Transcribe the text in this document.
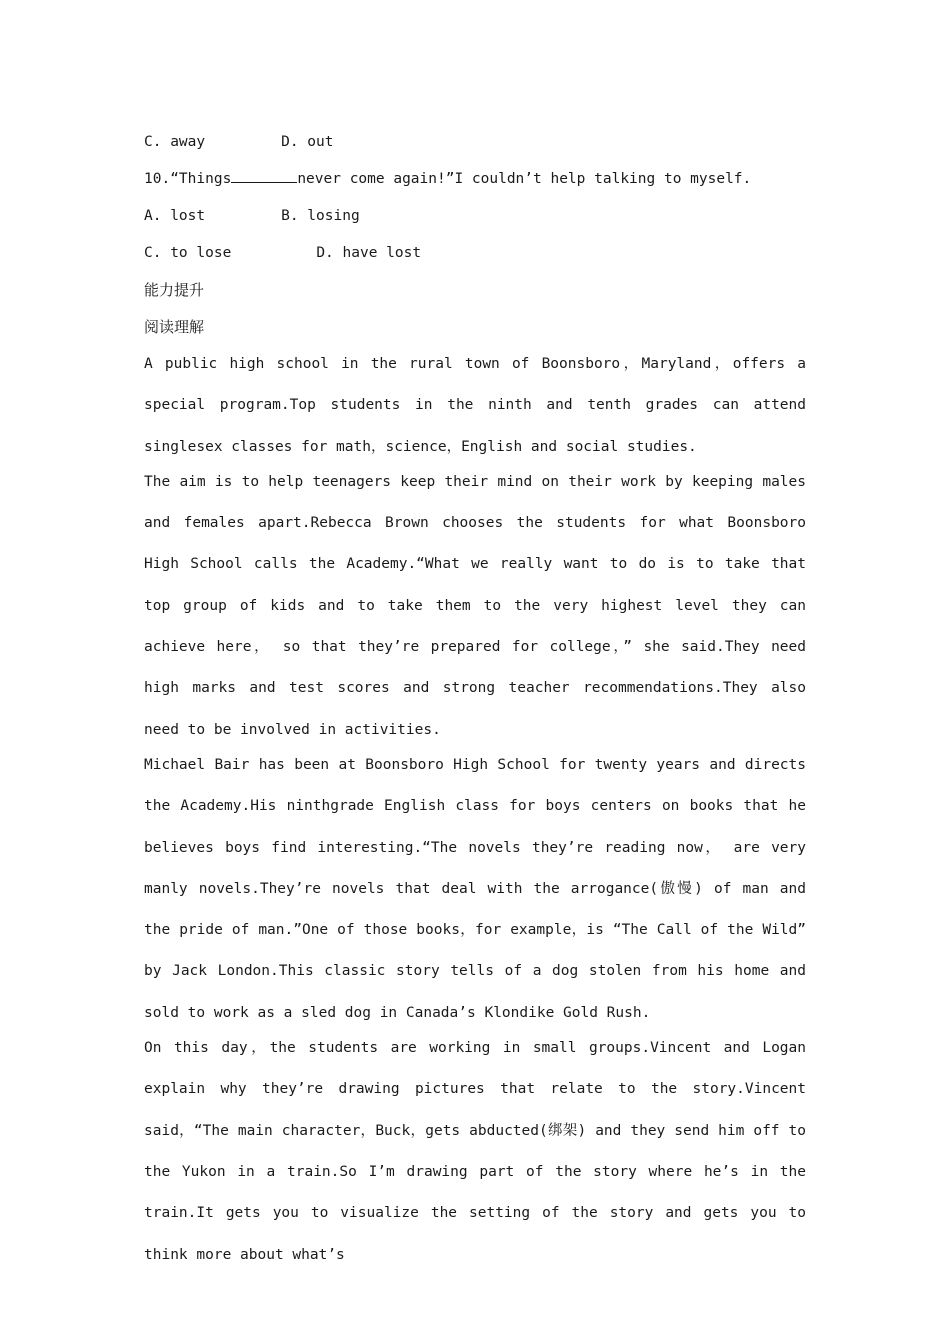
C. away	D. out
10.“Things	never come again!”I couldn’t help talking to myself.
A. lost	B. losing
C. to lose	D. have lost
能力提升
阅读理解

A public high school in the rural town of Boonsboro，Maryland，offers a special program.Top students in the ninth and tenth grades can attend singlesex classes for math，science，English and social studies.

The aim is to help teenagers keep their mind on their work by keeping males and females apart.Rebecca Brown chooses the students for what Boonsboro High School calls the Academy.“What we really want to do is to take that top group of kids and to take them to the very highest level they can achieve here， so that they’re prepared for college，” she said.They need high marks and test scores and strong teacher recommendations.They also need to be involved in activities.

Michael Bair has been at Boonsboro High School for twenty years and directs the Academy.His ninthgrade English class for boys centers on books that he believes boys find interesting.“The novels they’re reading now， are very manly novels.They’re novels that deal with the arrogance(傲慢) of man and the pride of man.”One of those books，for example，is “The Call of the Wild” by Jack London.This classic story tells of a dog stolen from his home and sold to work as a sled dog in Canada’s Klondike Gold Rush.

On this day，the students are working in small groups.Vincent and Logan explain why they’re drawing pictures that relate to the story.Vincent said，“The main character，Buck，gets abducted(绑架) and they send him off to the Yukon in a train.So I’m drawing part of the story where he’s in the train.It gets you to visualize the setting of the story and gets you to think more about what’s
